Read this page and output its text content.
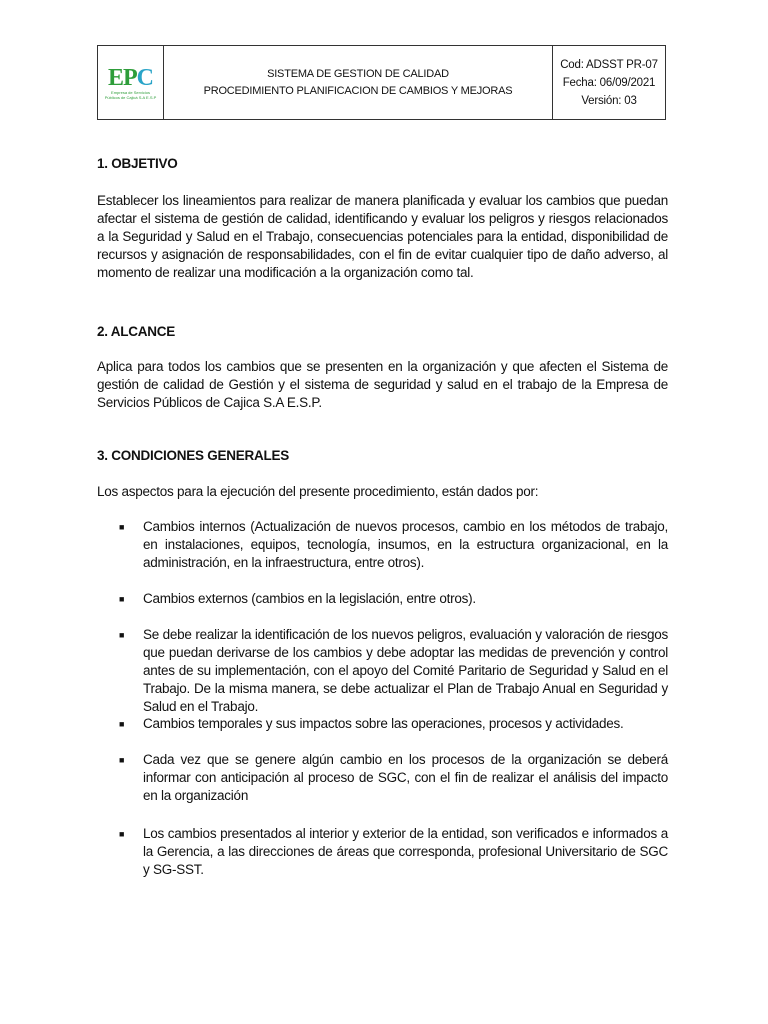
EPC
Empresa de Servicios Públicos de Cajicá S.A E.S.P
SISTEMA DE GESTION DE CALIDAD
PROCEDIMIENTO PLANIFICACION DE CAMBIOS Y MEJORAS
Cod: ADSST PR-07
Fecha: 06/09/2021
Versión: 03
1. OBJETIVO
Establecer los lineamientos para realizar de manera planificada y evaluar los cambios que puedan afectar el sistema de gestión de calidad, identificando y evaluar los peligros y riesgos relacionados a la Seguridad y Salud en el Trabajo, consecuencias potenciales para la entidad, disponibilidad de recursos y asignación de responsabilidades, con el fin de evitar cualquier tipo de daño adverso, al momento de realizar una modificación a la organización como tal.
2. ALCANCE
Aplica para todos los cambios que se presenten en la organización y que afecten el Sistema de gestión de calidad de Gestión y el sistema de seguridad y salud en el trabajo de la Empresa de Servicios Públicos de Cajica S.A E.S.P.
3. CONDICIONES GENERALES
Los aspectos para la ejecución del presente procedimiento, están dados por:
■ Cambios internos (Actualización de nuevos procesos, cambio en los métodos de trabajo, en instalaciones, equipos, tecnología, insumos, en la estructura organizacional, en la administración, en la infraestructura, entre otros).
■ Cambios externos (cambios en la legislación, entre otros).
■ Se debe realizar la identificación de los nuevos peligros, evaluación y valoración de riesgos que puedan derivarse de los cambios y debe adoptar las medidas de prevención y control antes de su implementación, con el apoyo del Comité Paritario de Seguridad y Salud en el Trabajo. De la misma manera, se debe actualizar el Plan de Trabajo Anual en Seguridad y Salud en el Trabajo.
■ Cambios temporales y sus impactos sobre las operaciones, procesos y actividades.
■ Cada vez que se genere algún cambio en los procesos de la organización se deberá informar con anticipación al proceso de SGC, con el fin de realizar el análisis del impacto en la organización
■ Los cambios presentados al interior y exterior de la entidad, son verificados e informados a la Gerencia, a las direcciones de áreas que corresponda, profesional Universitario de SGC y SG-SST.
